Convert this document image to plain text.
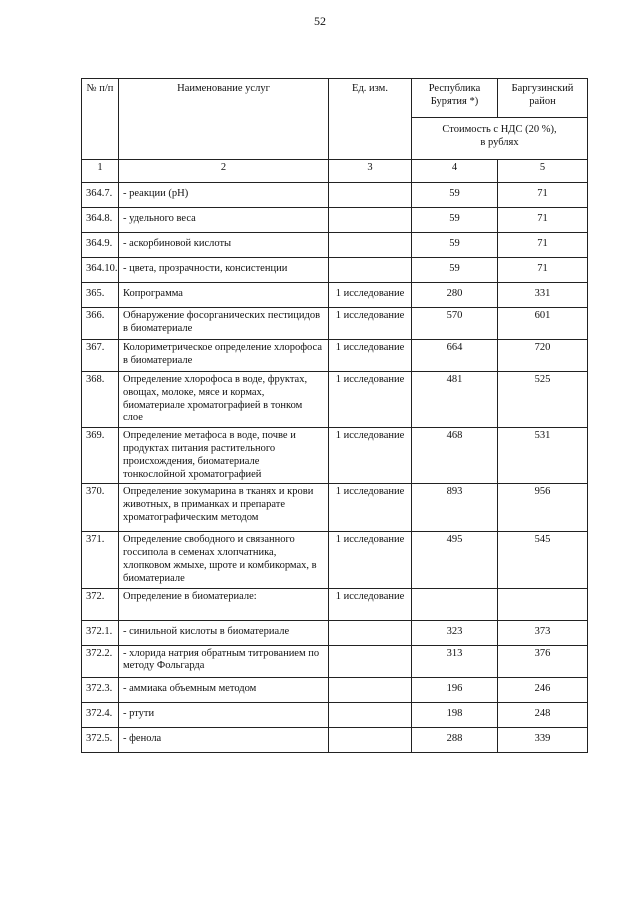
52
№ п/п	Наименование услуг	Ед. изм.	Республика Бурятия *)	Баргузинский район
			Стоимость с НДС (20 %), в рублях	
1	2	3	4	5
364.7.	- реакции (pH)		59	71
364.8.	- удельного веса		59	71
364.9.	- аскорбиновой кислоты		59	71
364.10.	- цвета, прозрачности, консистенции		59	71
365.	Копрограмма	1 исследование	280	331
366.	Обнаружение фосорганических пестицидов в биоматериале	1 исследование	570	601
367.	Колориметрическое определение хлорофоса в биоматериале	1 исследование	664	720
368.	Определение хлорофоса в воде, фруктах, овощах, молоке, мясе и кормах, биоматериале хроматографией в тонком слое	1 исследование	481	525
369.	Определение метафоса в воде, почве и продуктах питания растительного происхождения, биоматериале тонкослойной хроматографией	1 исследование	468	531
370.	Определение зокумарина в тканях и крови животных, в приманках и препарате хроматографическим методом	1 исследование	893	956
371.	Определение свободного и связанного госсипола в семенах хлопчатника, хлопковом жмыхе, шроте и комбикормах, в биоматериале	1 исследование	495	545
372.	Определение в биоматериале:	1 исследование		
372.1.	- синильной кислоты в биоматериале		323	373
372.2.	- хлорида натрия обратным титрованием по методу Фольгарда		313	376
372.3.	- аммиака объемным методом		196	246
372.4.	- ртути		198	248
372.5.	- фенола		288	339
